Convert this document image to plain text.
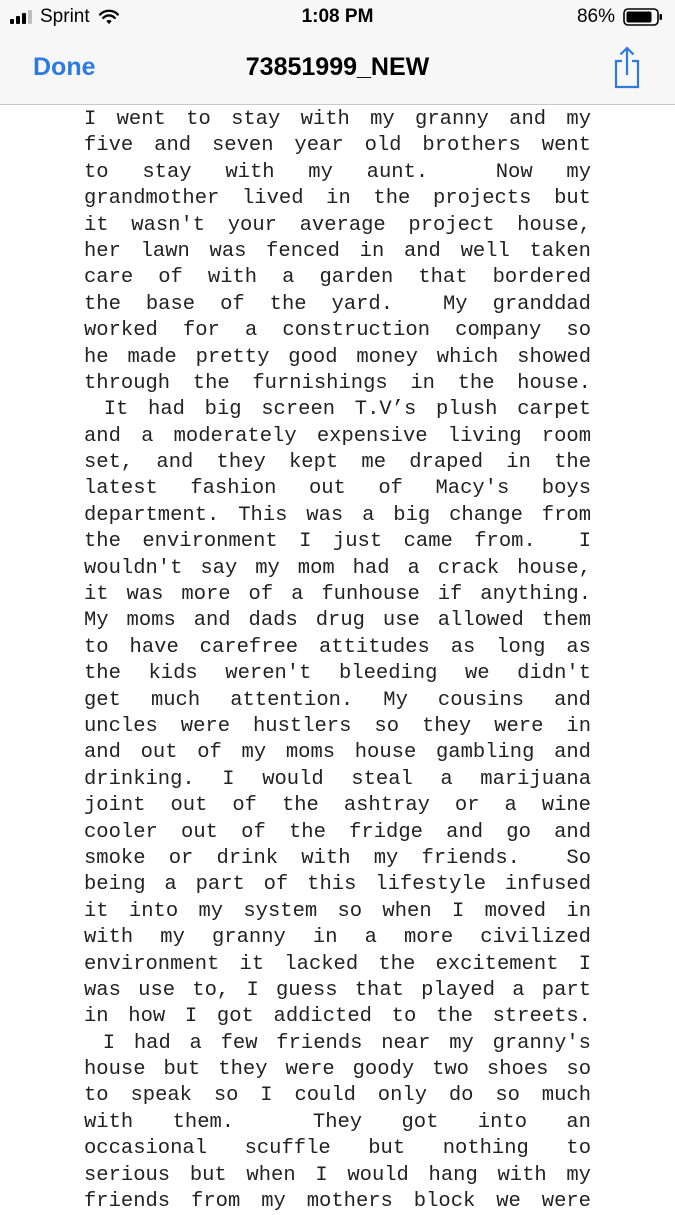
Sprint	1:08 PM	86%
Done	73851999_NEW
I went to stay with my granny and my
five and seven year old brothers went
to stay with my aunt.  Now my
grandmother lived in the projects but
it wasn't your average project house,
her lawn was fenced in and well taken
care of with a garden that bordered
the base of the yard.  My granddad
worked for a construction company so
he made pretty good money which showed
through the furnishings in the house.
It had big screen T.V’s plush carpet
and a moderately expensive living room
set, and they kept me draped in the
latest fashion out of Macy's boys
department. This was a big change from
the environment I just came from.  I
wouldn't say my mom had a crack house,
it was more of a funhouse if anything.
My moms and dads drug use allowed them
to have carefree attitudes as long as
the kids weren't bleeding we didn't
get much attention. My cousins and
uncles were hustlers so they were in
and out of my moms house gambling and
drinking. I would steal a marijuana
joint out of the ashtray or a wine
cooler out of the fridge and go and
smoke or drink with my friends.  So
being a part of this lifestyle infused
it into my system so when I moved in
with my granny in a more civilized
environment it lacked the excitement I
was use to, I guess that played a part
in how I got addicted to the streets.
I had a few friends near my granny's
house but they were goody two shoes so
to speak so I could only do so much
with them.  They got into an
occasional scuffle but nothing to
serious but when I would hang with my
friends from my mothers block we were
